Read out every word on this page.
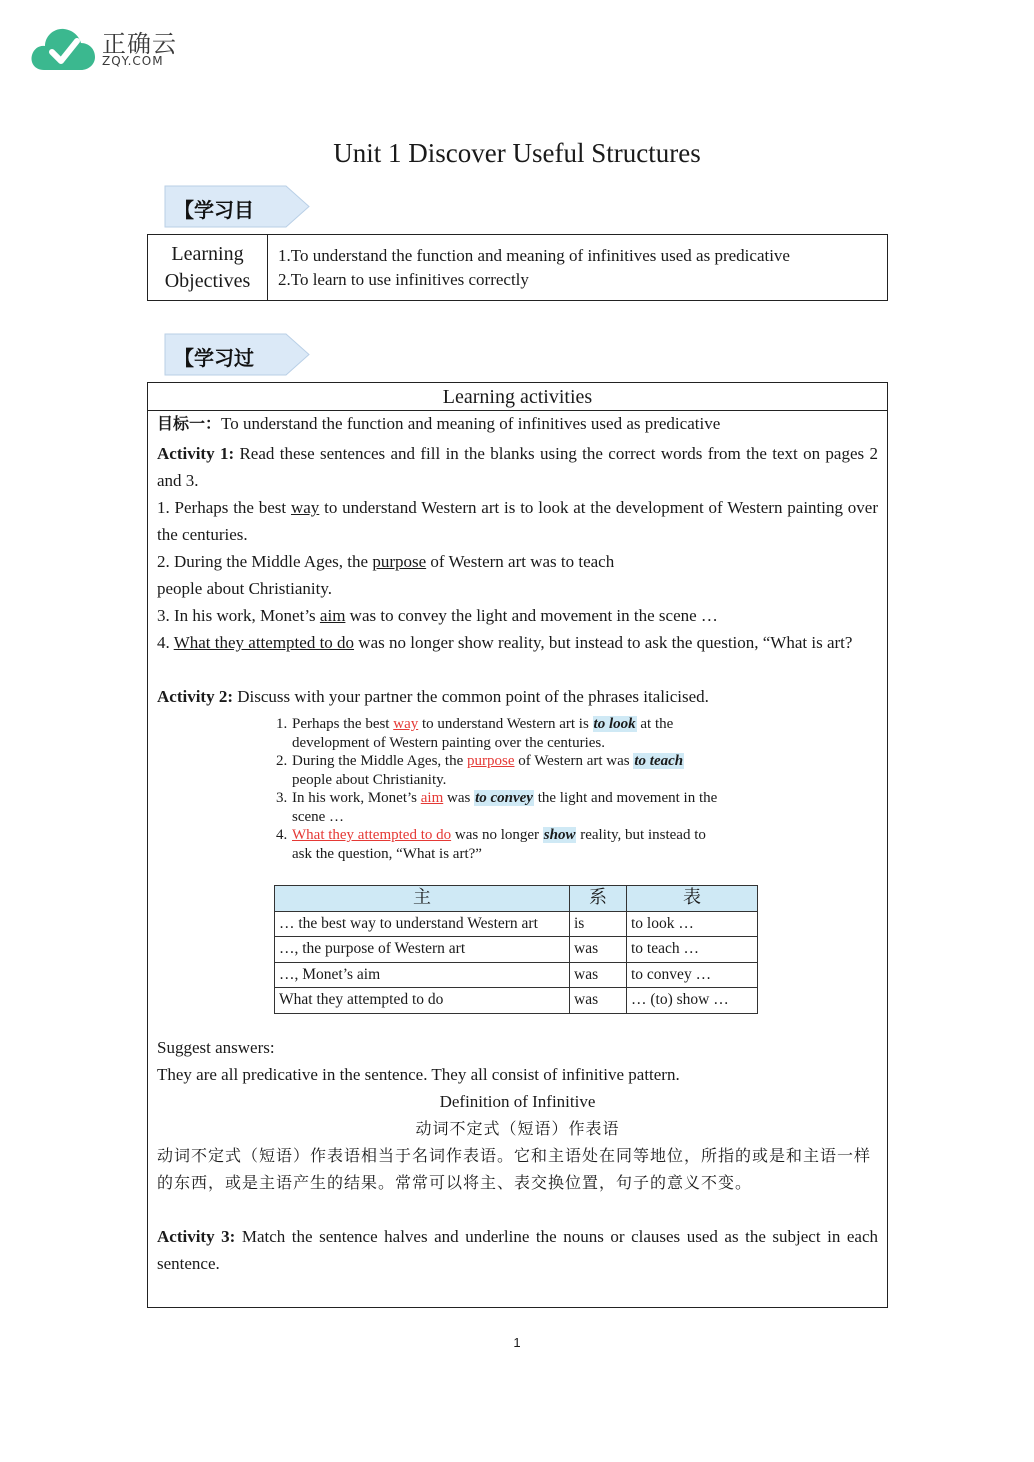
正确云
ZQY.COM
Unit 1 Discover Useful Structures
【学习目
Learning Objectives	
1.To understand the function and meaning of infinitives used as predicative
2.To learn to use infinitives correctly
【学习过
Learning activities
目标一：To understand the function and meaning of infinitives used as predicative
Activity 1: Read these sentences and fill in the blanks using the correct words from the text on pages 2 and 3.
1. Perhaps the best way to understand Western art is to look at the development of Western painting over the centuries.
2. During the Middle Ages, the purpose of Western art was to teach
people about Christianity.
3. In his work, Monet’s aim was to convey the light and movement in the scene …
4. What they attempted to do was no longer show reality, but instead to ask the question, “What is art?
Activity 2: Discuss with your partner the common point of the phrases italicised.
1. Perhaps the best way to understand Western art is to look at the
development of Western painting over the centuries.
2. During the Middle Ages, the purpose of Western art was to teach
people about Christianity.
3. In his work, Monet’s aim was to convey the light and movement in the
scene …
4. What they attempted to do was no longer show reality, but instead to
ask the question, “What is art?”
主	系	表
… the best way to understand Western art	is	to look …
…, the purpose of Western art	was	to teach …
…, Monet’s aim	was	to convey …
What they attempted to do	was	… (to) show …
Suggest answers:
They are all predicative in the sentence. They all consist of infinitive pattern.
Definition of Infinitive
动词不定式（短语）作表语
动词不定式（短语）作表语相当于名词作表语。它和主语处在同等地位，所指的或是和主语一样的东西，或是主语产生的结果。常常可以将主、表交换位置，句子的意义不变。
Activity 3: Match the sentence halves and underline the nouns or clauses used as the subject in each sentence.
1
